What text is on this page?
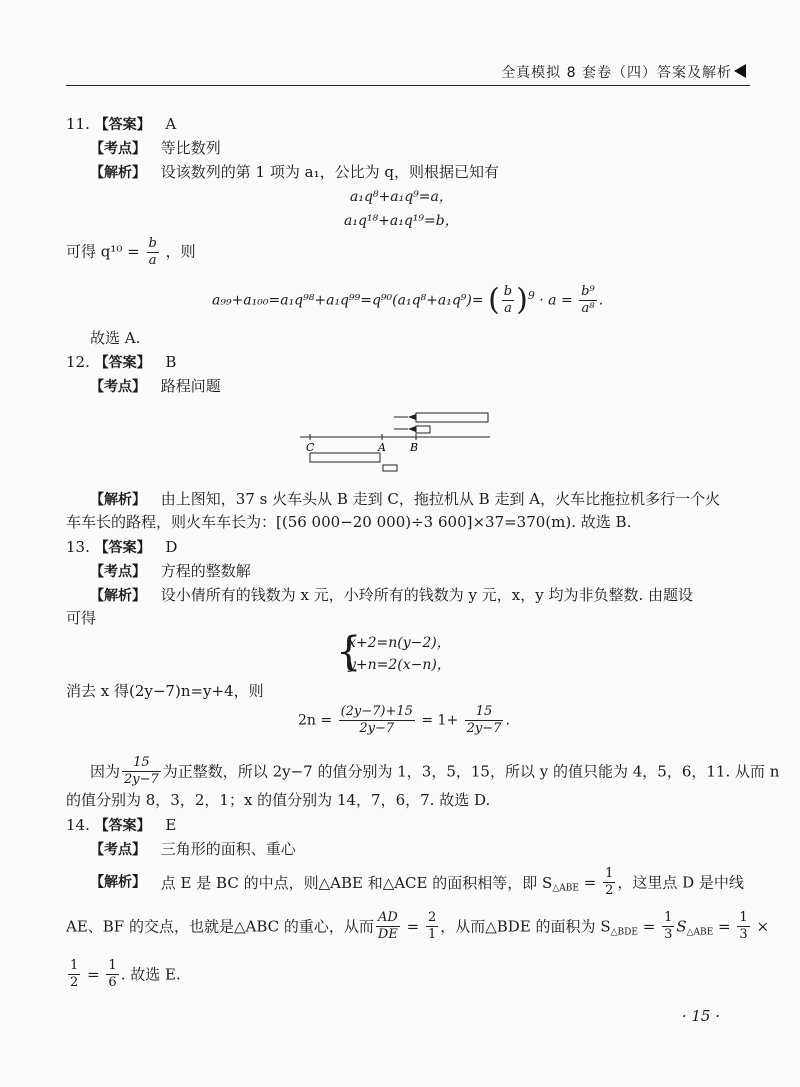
全真模拟 8 套卷（四）答案及解析
11. 【答案】 A
【考点】 等比数列
【解析】 设该数列的第 1 项为 a₁，公比为 q，则根据已知有
a₁q⁸+a₁q⁹=a，
a₁q¹⁸+a₁q¹⁹=b，
可得 $q^{10} = \frac{b}{a}$ ，则
a₉₉+a₁₀₀=a₁q⁹⁸+a₁q⁹⁹=q⁹⁰(a₁q⁸+a₁q⁹)= ( $\frac{b}{a} )^9 \cdot a = \frac{\text{b⁹}}{\text{a⁸}}$ .
故选 A.
12. 【答案】 B
【考点】 路程问题
C	A B
【解析】 由上图知，37 s 火车头从 B 走到 C，拖拉机从 B 走到 A，火车比拖拉机多行一个火
车车长的路程，则火车车长为：[(56 000−20 000)÷3 600]×37=370(m). 故选 B.
13. 【答案】 D
【考点】 方程的整数解
【解析】 设小倩所有的钱数为 x 元，小玲所有的钱数为 y 元，x，y 均为非负整数. 由题设
可得
{
x+2=n(y−2)，
y+n=2(x−n)，
消去 x 得(2y−7)n=y+4，则
$2n = \frac{(2y-7)+15}{2y-7} = 1+ \frac{15}{2y-7}$ .
因为 $\frac{15}{2y-7}$ 为正整数，所以 2y−7 的值分别为 1，3，5，15，所以 y 的值只能为 4，5，6，11. 从而 n
的值分别为 8，3，2，1；x 的值分别为 14，7，6，7. 故选 D.
14. 【答案】 E
【考点】 三角形的面积、重心
【解析】 点 E 是 BC 的中点，则△ABE 和△ACE 的面积相等，即 $S_{\triangle ABE} = \frac{1}{2}$ ，这里点 D 是中线
AE、BF 的交点，也就是△ABC 的重心，从而 $\frac{AD}{DE} = \frac{2}{1}$ ，从而△BDE 的面积为 $S_{\triangle BDE} = \frac{1}{3} S_{\triangle ABE} = \frac{1}{3}$ ×
$\frac{1}{2} = \frac{1}{6}$ . 故选 E.
· 15 ·
